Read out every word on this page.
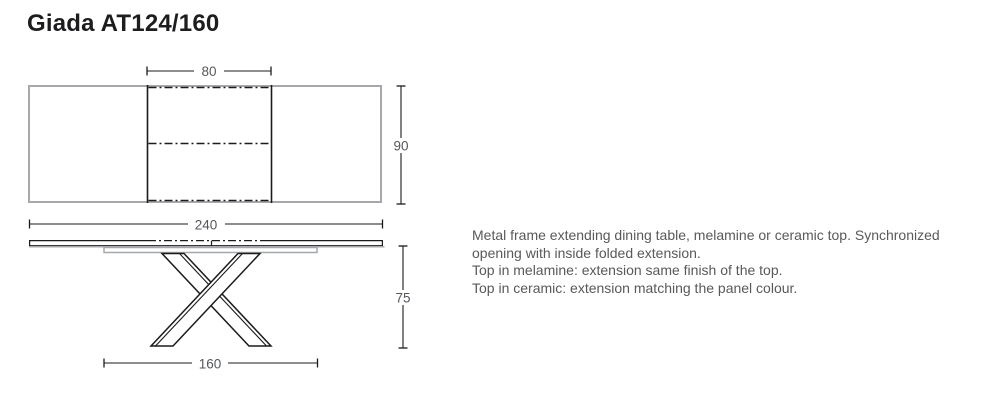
Giada AT124/160
80
90
240
75
160
Metal frame extending dining table, melamine or ceramic top. Synchronized
opening with inside folded extension.
Top in melamine: extension same finish of the top.
Top in ceramic: extension matching the panel colour.
